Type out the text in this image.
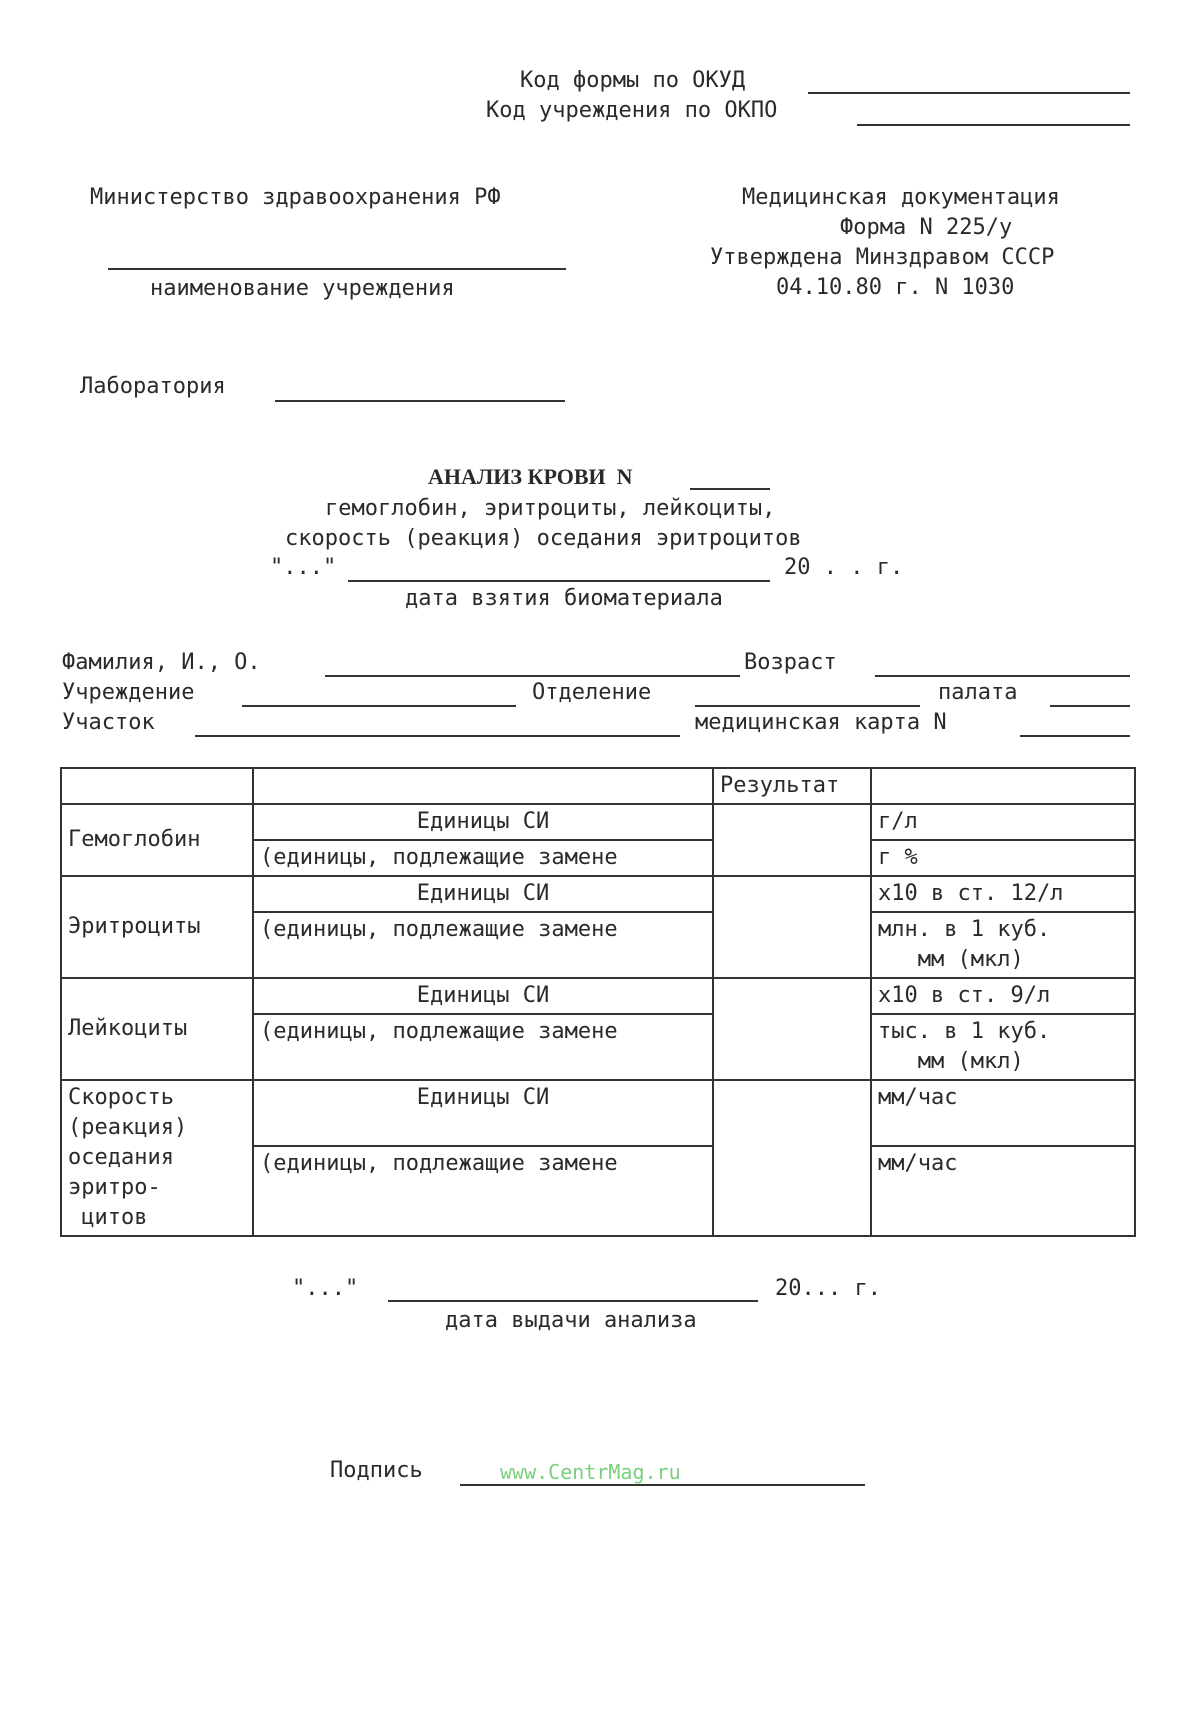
Код формы по ОКУД
Код учреждения по ОКПО
Министерство здравоохранения РФ
наименование учреждения
Медицинская документация
Форма N 225/у
Утверждена Минздравом СССР
04.10.80 г. N 1030
Лаборатория
АНАЛИЗ КРОВИ  N
гемоглобин, эритроциты, лейкоциты,
скорость (реакция) оседания эритроцитов
"..."	20 . . г.
дата взятия биоматериала
Фамилия, И., О.	Возраст
Учреждение	Отделение	палата
Участок	медицинская карта N
		Результат	
Гемоглобин	Единицы СИ		г/л
	(единицы, подлежащие замене		г %
Эритроциты	Единицы СИ		х10 в ст. 12/л
	(единицы, подлежащие замене		млн. в 1 куб.
мм (мкл)
Лейкоциты	Единицы СИ		х10 в ст. 9/л
	(единицы, подлежащие замене		тыс. в 1 куб.
мм (мкл)
Скорость
(реакция)
оседания
эритро-
цитов	Единицы СИ		мм/час
	(единицы, подлежащие замене		мм/час
"..."	20... г.
дата выдачи анализа
Подпись	www.CentrMag.ru
